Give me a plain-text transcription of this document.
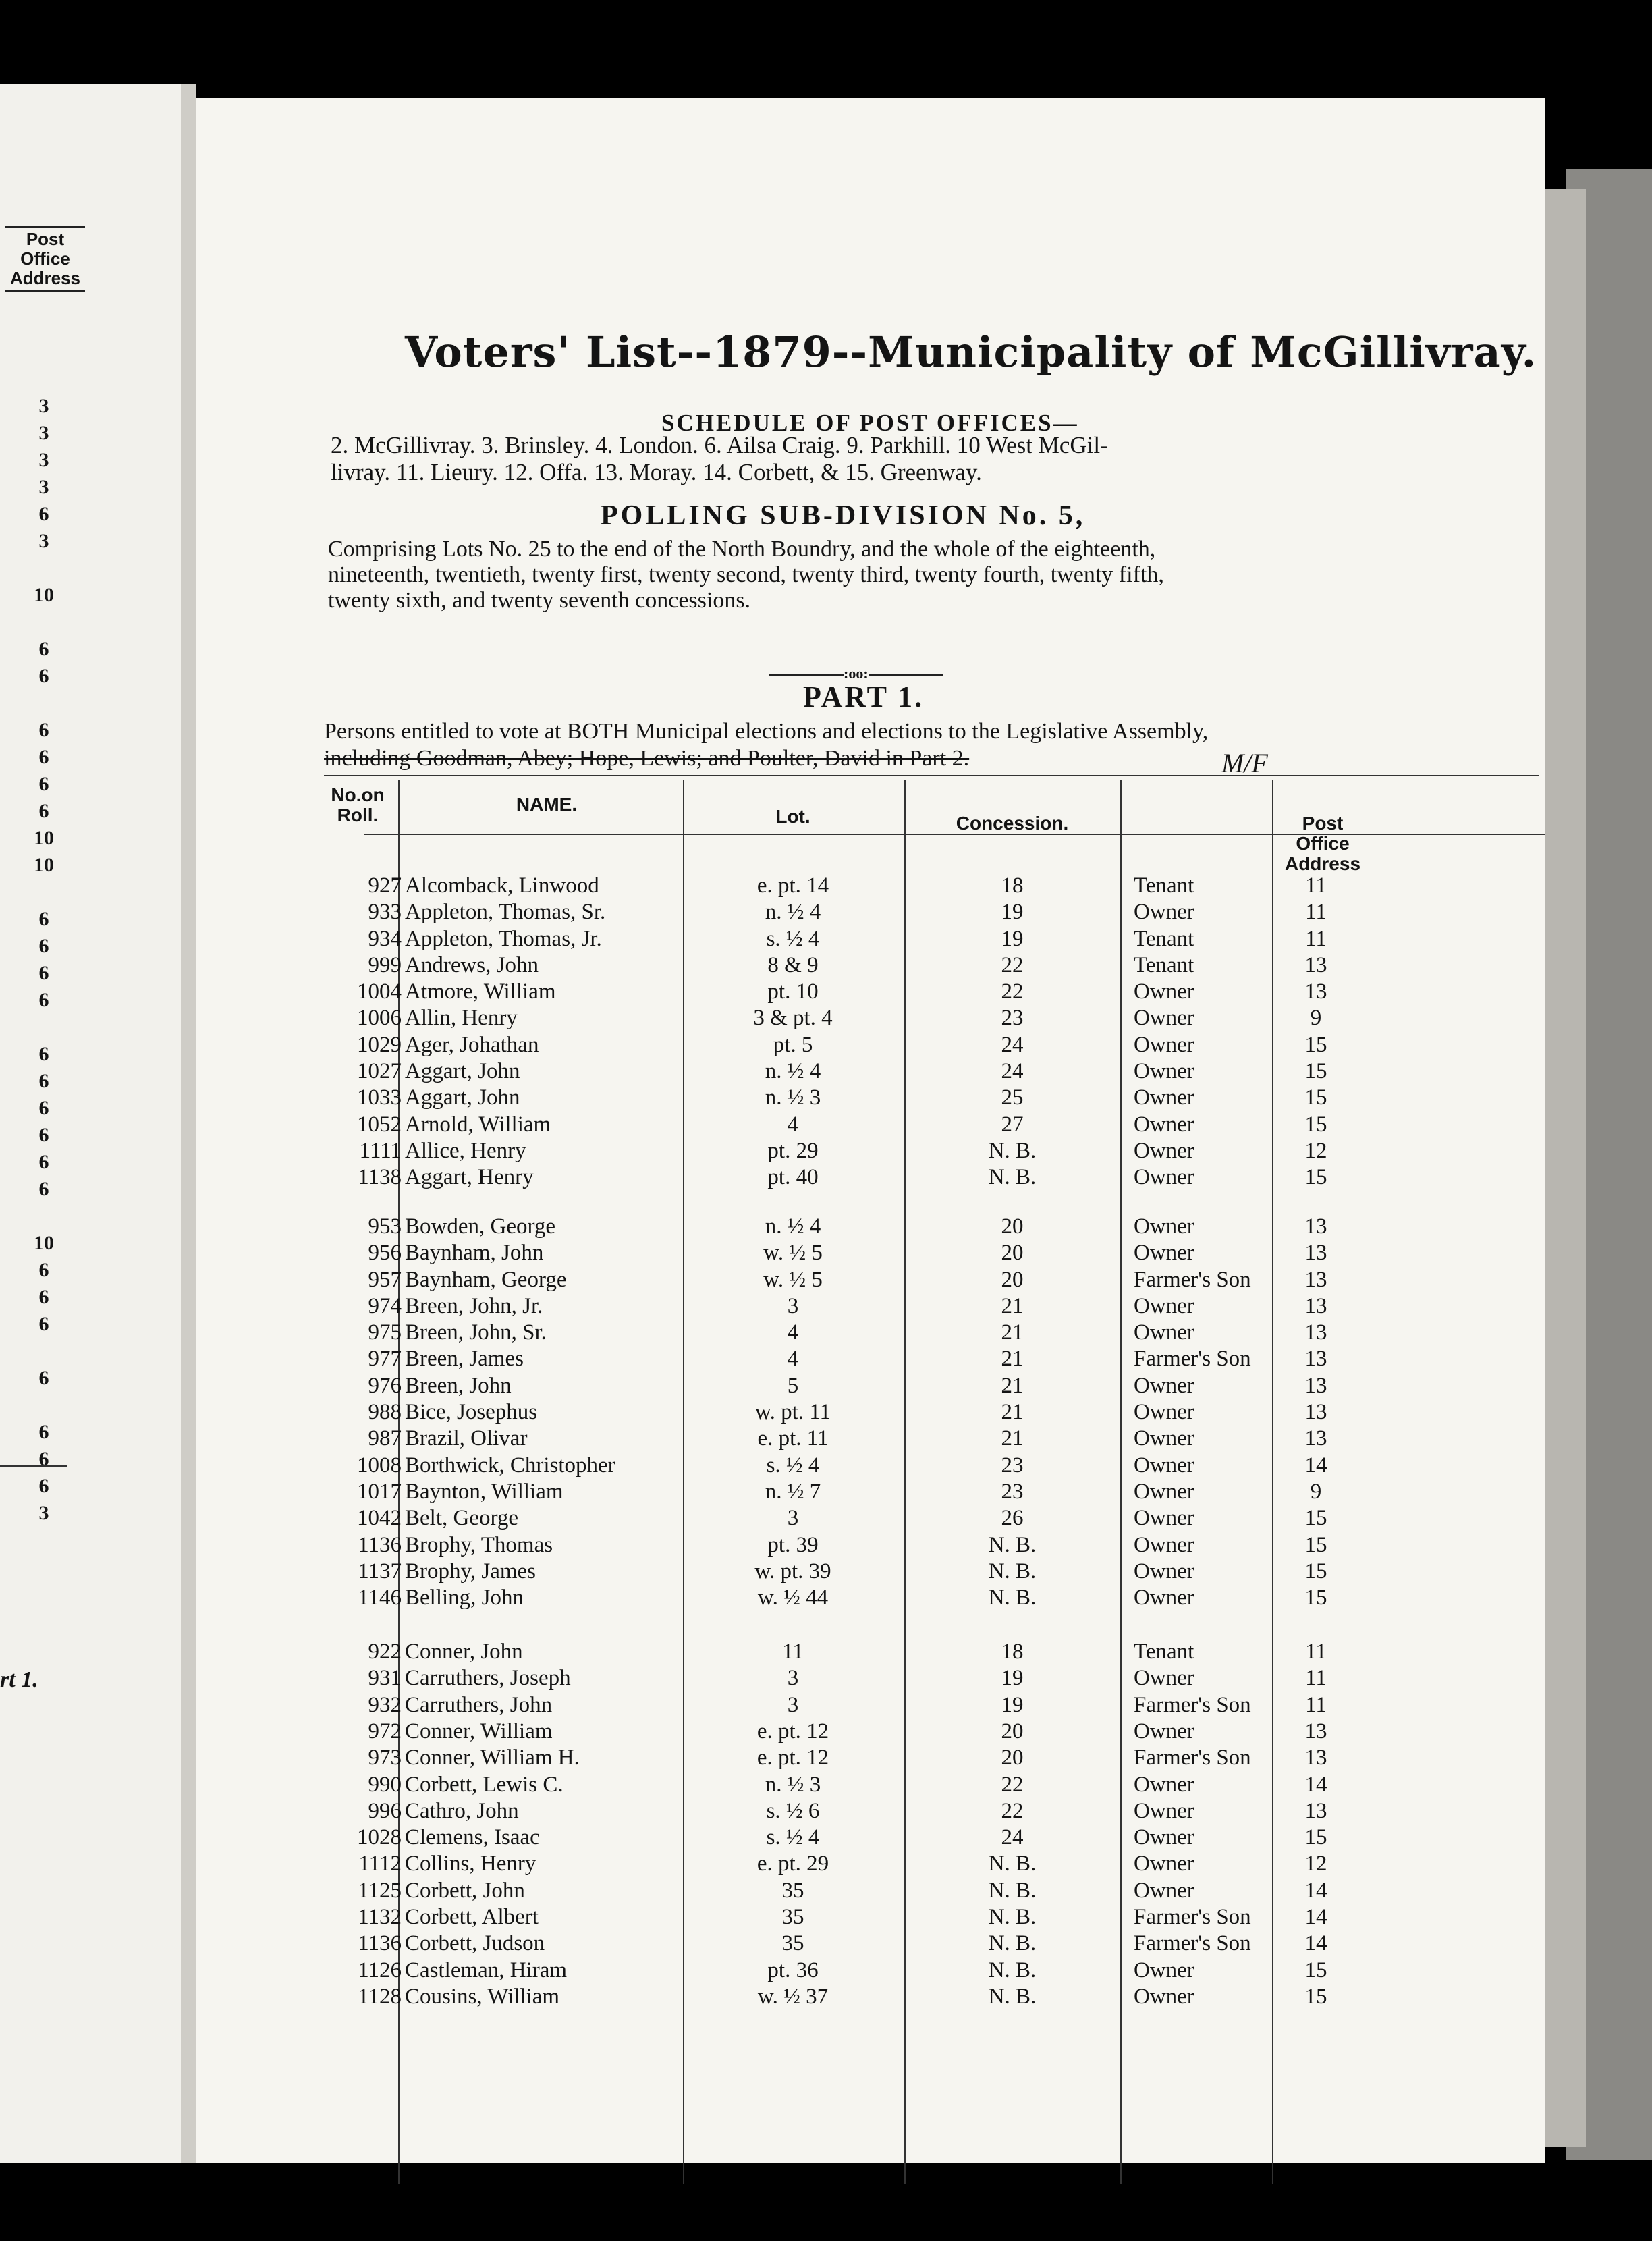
Post Office Address
3
3
3
3
6
3
10
6
6
6
6
6
6
10
10
6
6
6
6
6
6
6
6
6
6
10
6
6
6
6
6
6
6
3
rt 1.
Voters' List--1879--Municipality of McGillivray.
SCHEDULE OF POST OFFICES—
2. McGillivray. 3. Brinsley. 4. London. 6. Ailsa Craig. 9. Parkhill. 10 West McGil-
livray. 11. Lieury. 12. Offa. 13. Moray. 14. Corbett, & 15. Greenway.
POLLING SUB-DIVISION No. 5,
Comprising Lots No. 25 to the end of the North Boundry, and the whole of the eighteenth,
nineteenth, twentieth, twenty first, twenty second, twenty third, twenty fourth, twenty fifth,
twenty sixth, and twenty seventh concessions.
:oo:
PART 1.
Persons entitled to vote at BOTH Municipal elections and elections to the Legislative Assembly,
including Goodman, Abey; Hope, Lewis; and Poulter, David in Part 2.	M/F
No.on Roll.
NAME.
Lot.	Concession.	Post Office Address
927 Alcomback, Linwood	e. pt. 14	18	Tenant	11
933 Appleton, Thomas, Sr.	n. ½ 4	19	Owner	11
934 Appleton, Thomas, Jr.	s. ½ 4	19	Tenant	11
999 Andrews, John	8 & 9	22	Tenant	13
1004 Atmore, William	pt. 10	22	Owner	13
1006 Allin, Henry	3 & pt. 4	23	Owner	9
1029 Ager, Johathan	pt. 5	24	Owner	15
1027 Aggart, John	n. ½ 4	24	Owner	15
1033 Aggart, John	n. ½ 3	25	Owner	15
1052 Arnold, William	4	27	Owner	15
1111 Allice, Henry	pt. 29	N. B.	Owner	12
1138 Aggart, Henry	pt. 40	N. B.	Owner	15
953 Bowden, George	n. ½ 4	20	Owner	13
956 Baynham, John	w. ½ 5	20	Owner	13
957 Baynham, George	w. ½ 5	20	Farmer's Son	13
974 Breen, John, Jr.	3	21	Owner	13
975 Breen, John, Sr.	4	21	Owner	13
977 Breen, James	4	21	Farmer's Son	13
976 Breen, John	5	21	Owner	13
988 Bice, Josephus	w. pt. 11	21	Owner	13
987 Brazil, Olivar	e. pt. 11	21	Owner	13
1008 Borthwick, Christopher	s. ½ 4	23	Owner	14
1017 Baynton, William	n. ½ 7	23	Owner	9
1042 Belt, George	3	26	Owner	15
1136 Brophy, Thomas	pt. 39	N. B.	Owner	15
1137 Brophy, James	w. pt. 39	N. B.	Owner	15
1146 Belling, John	w. ½ 44	N. B.	Owner	15
922 Conner, John	11	18	Tenant	11
931 Carruthers, Joseph	3	19	Owner	11
932 Carruthers, John	3	19	Farmer's Son	11
972 Conner, William	e. pt. 12	20	Owner	13
973 Conner, William H.	e. pt. 12	20	Farmer's Son	13
990 Corbett, Lewis C.	n. ½ 3	22	Owner	14
996 Cathro, John	s. ½ 6	22	Owner	13
1028 Clemens, Isaac	s. ½ 4	24	Owner	15
1112 Collins, Henry	e. pt. 29	N. B.	Owner	12
1125 Corbett, John	35	N. B.	Owner	14
1132 Corbett, Albert	35	N. B.	Farmer's Son	14
1136 Corbett, Judson	35	N. B.	Farmer's Son	14
1126 Castleman, Hiram	pt. 36	N. B.	Owner	15
1128 Cousins, William	w. ½ 37	N. B.	Owner	15
